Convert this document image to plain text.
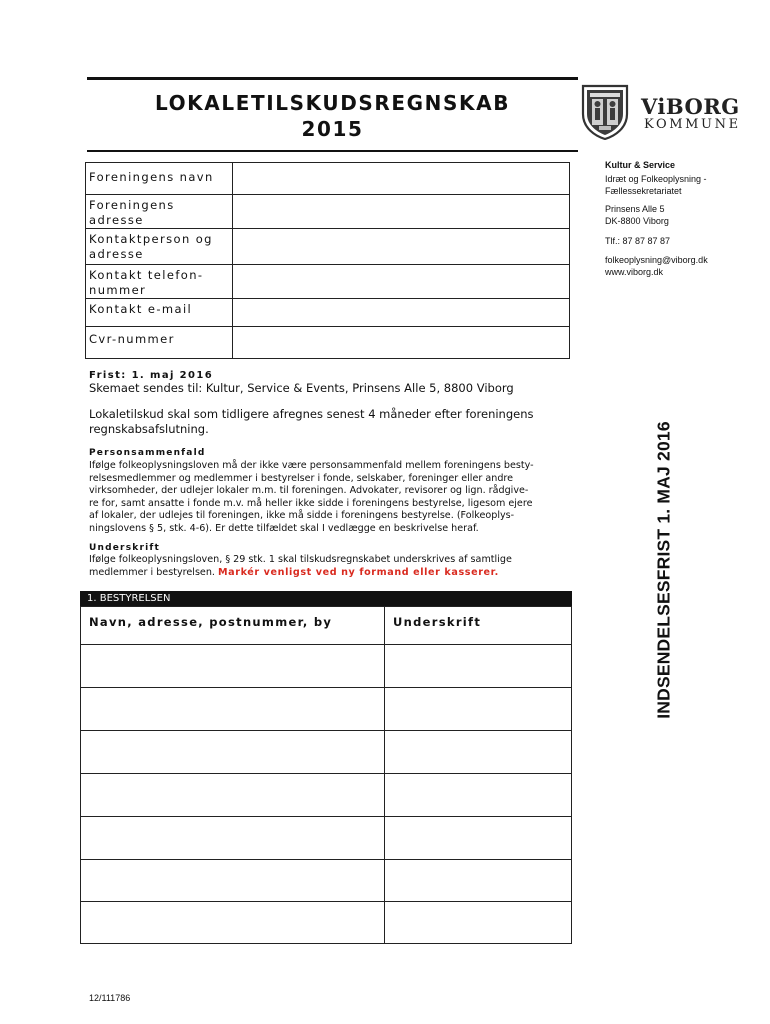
LOKALETILSKUDSREGNSKAB
2015
ViBORG
KOMMUNE
Kultur & Service
Idræt og Folkeoplysning -
Fællessekretariatet
Prinsens Alle 5
DK-8800 Viborg
Tlf.: 87 87 87 87
folkeoplysning@viborg.dk
www.viborg.dk
Foreningens navn	
Foreningens adresse	
Kontaktperson og adresse	
Kontakt telefon-nummer	
Kontakt e-mail	
Cvr-nummer	
Frist: 1. maj 2016
Skemaet sendes til: Kultur, Service & Events, Prinsens Alle 5, 8800 Viborg
Lokaletilskud skal som tidligere afregnes senest 4 måneder efter foreningens
regnskabsafslutning.
Personsammenfald
Ifølge folkeoplysningsloven må der ikke være personsammenfald mellem foreningens besty-
relsesmedlemmer og medlemmer i bestyrelser i fonde, selskaber, foreninger eller andre
virksomheder, der udlejer lokaler m.m. til foreningen. Advokater, revisorer og lign. rådgive-
re for, samt ansatte i fonde m.v. må heller ikke sidde i foreningens bestyrelse, ligesom ejere
af lokaler, der udlejes til foreningen, ikke må sidde i foreningens bestyrelse. (Folkeoplys-
ningslovens § 5, stk. 4-6). Er dette tilfældet skal I vedlægge en beskrivelse heraf.
Underskrift
Ifølge folkeoplysningsloven, § 29 stk. 1 skal tilskudsregnskabet underskrives af samtlige
medlemmer i bestyrelsen. Markér venligst ved ny formand eller kasserer.
1. BESTYRELSEN
Navn, adresse, postnummer, by	Underskrift

		INDSENDELSESFRIST 1. MAJ 2016
12/111786
